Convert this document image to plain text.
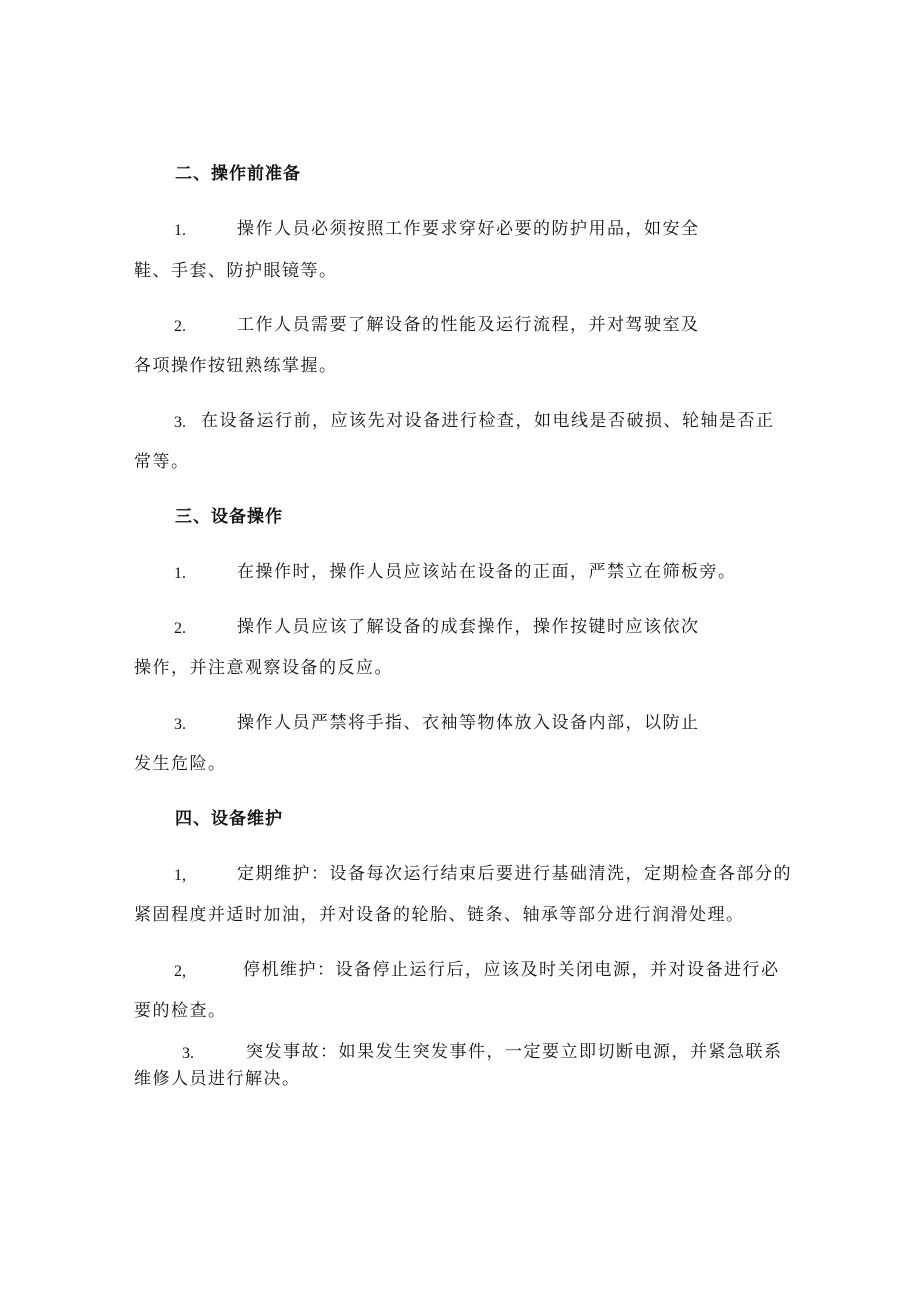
二、操作前准备
1.	操作人员必须按照工作要求穿好必要的防护用品，如安全
鞋、手套、防护眼镜等。
2.	工作人员需要了解设备的性能及运行流程，并对驾驶室及
各项操作按钮熟练掌握。
3. 在设备运行前，应该先对设备进行检查，如电线是否破损、轮轴是否正
常等。
三、设备操作
1.	在操作时，操作人员应该站在设备的正面，严禁立在筛板旁。
2.	操作人员应该了解设备的成套操作，操作按键时应该依次
操作，并注意观察设备的反应。
3.	操作人员严禁将手指、衣袖等物体放入设备内部，以防止
发生危险。
四、设备维护
1,	定期维护：设备每次运行结束后要进行基础清洗，定期检查各部分的
紧固程度并适时加油，并对设备的轮胎、链条、轴承等部分进行润滑处理。
2,	停机维护：设备停止运行后，应该及时关闭电源，并对设备进行必
要的检查。
3.	突发事故：如果发生突发事件，一定要立即切断电源，并紧急联系
维修人员进行解决。
